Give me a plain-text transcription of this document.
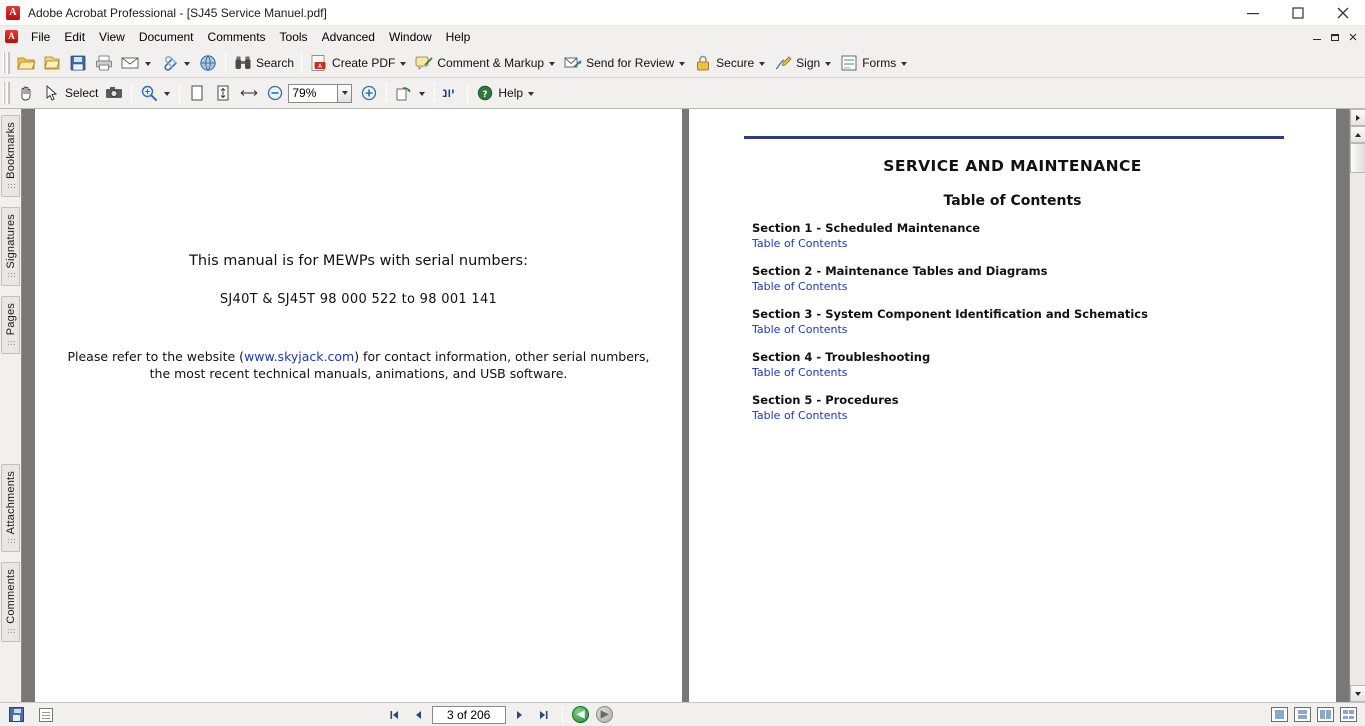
A Adobe Acrobat Professional - [SJ45 Service Manuel.pdf]
A	File	Edit	View	Document	Comments	Tools	Advanced	Window	Help
Search	A Create PDF	Comment & Markup	Send for Review	Secure	Sign	Forms
Select
79%	יונ	? Help
Bookmarks
Signatures
Pages
Attachments
Comments
This manual is for MEWPs with serial numbers:
SJ40T & SJ45T 98 000 522 to 98 001 141
Please refer to the website (www.skyjack.com) for contact information, other serial numbers,
the most recent technical manuals, animations, and USB software.
SERVICE AND MAINTENANCE
Table of Contents
Section 1 - Scheduled Maintenance
Table of Contents
Section 2 - Maintenance Tables and Diagrams
Table of Contents
Section 3 - System Component Identification and Schematics
Table of Contents
Section 4 - Troubleshooting
Table of Contents
Section 5 - Procedures
Table of Contents
3 of 206
◀	▶
